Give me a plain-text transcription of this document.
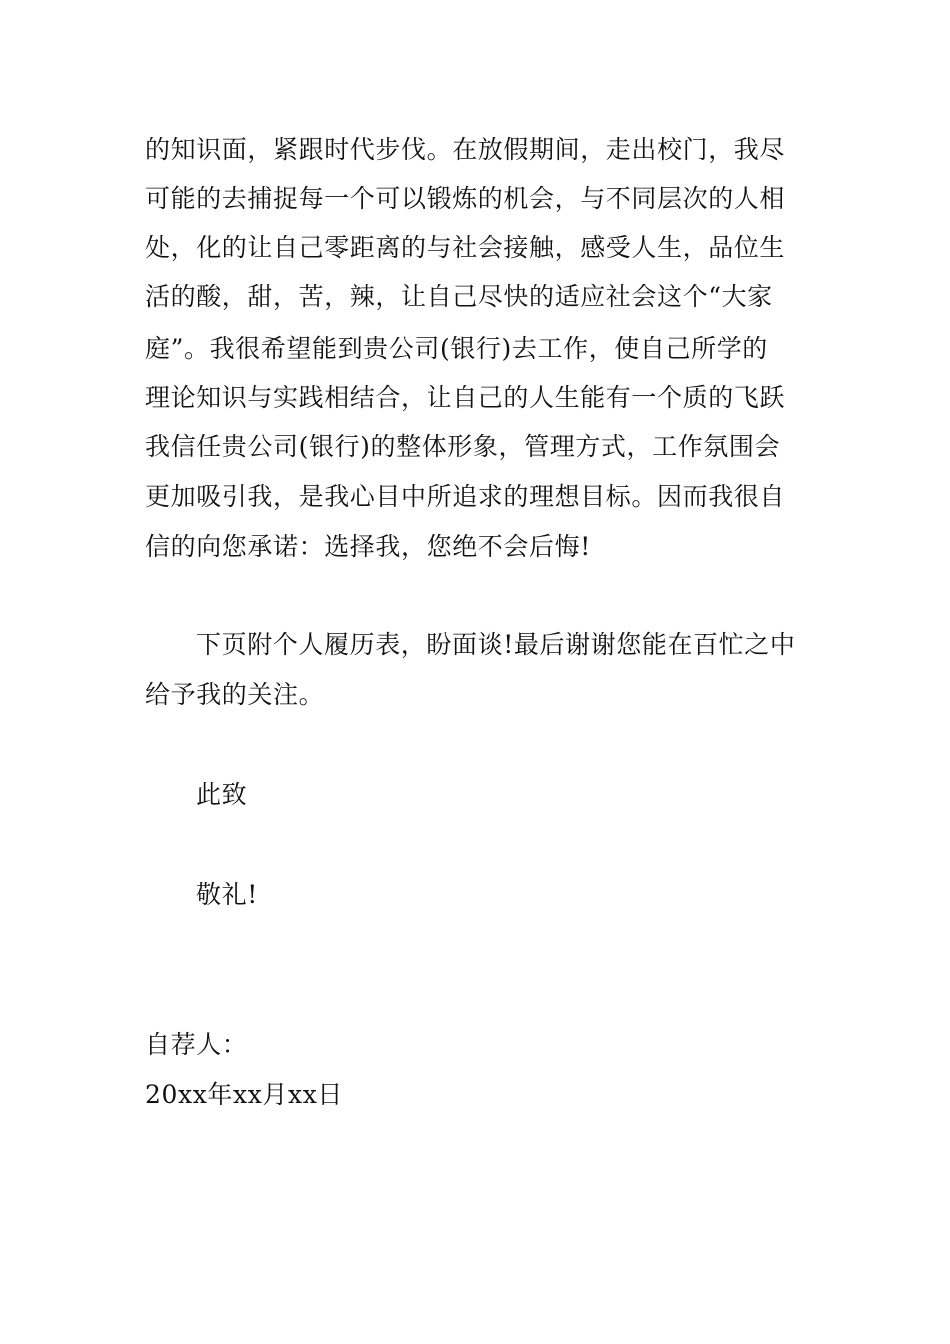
的知识面，紧跟时代步伐。在放假期间，走出校门，我尽
可能的去捕捉每一个可以锻炼的机会，与不同层次的人相
处，化的让自己零距离的与社会接触，感受人生，品位生
活的酸，甜，苦，辣，让自己尽快的适应社会这个“大家
庭”。我很希望能到贵公司(银行)去工作，使自己所学的
理论知识与实践相结合，让自己的人生能有一个质的飞跃
我信任贵公司(银行)的整体形象，管理方式，工作氛围会
更加吸引我，是我心目中所追求的理想目标。因而我很自
信的向您承诺：选择我，您绝不会后悔!
下页附个人履历表，盼面谈!最后谢谢您能在百忙之中
给予我的关注。
此致
敬礼!
自荐人：
20xx年xx月xx日
